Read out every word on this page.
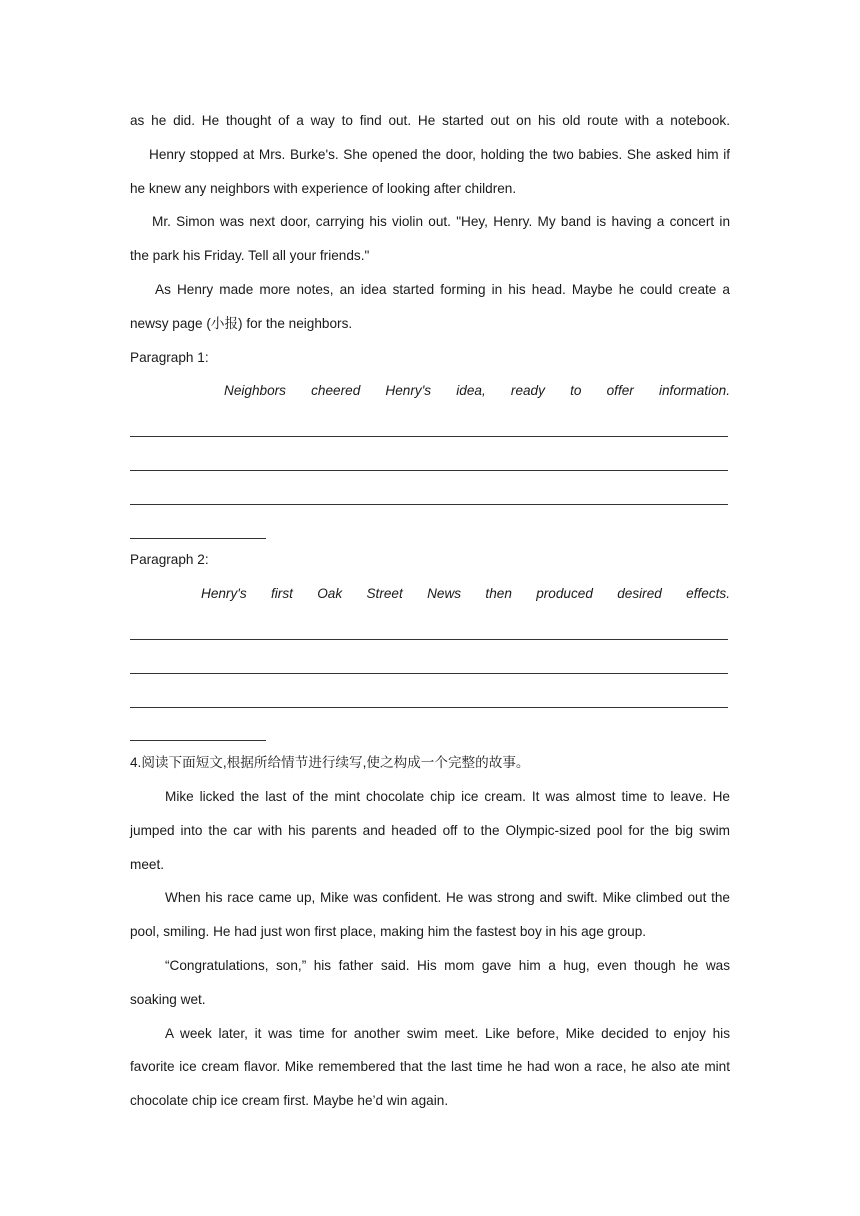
as he did. He thought of a way to find out. He started out on his old route with a notebook.
Henry stopped at Mrs. Burke's. She opened the door, holding the two babies. She asked him if
he knew any neighbors with experience of looking after children.
Mr. Simon was next door, carrying his violin out. "Hey, Henry. My band is having a concert in
the park his Friday. Tell all your friends."
As Henry made more notes, an idea started forming in his head. Maybe he could create a
newsy page (小报) for the neighbors.
Paragraph 1:
Neighbors cheered Henry's idea, ready to offer information.
Paragraph 2:
Henry's first Oak Street News then produced desired effects.
4.阅读下面短文,根据所给情节进行续写,使之构成一个完整的故事。
Mike licked the last of the mint chocolate chip ice cream. It was almost time to leave. He
jumped into the car with his parents and headed off to the Olympic-sized pool for the big swim
meet.
When his race came up, Mike was confident. He was strong and swift. Mike climbed out the
pool, smiling. He had just won first place, making him the fastest boy in his age group.
“Congratulations, son,” his father said. His mom gave him a hug, even though he was
soaking wet.
A week later, it was time for another swim meet. Like before, Mike decided to enjoy his
favorite ice cream flavor. Mike remembered that the last time he had won a race, he also ate mint
chocolate chip ice cream first. Maybe he’d win again.
